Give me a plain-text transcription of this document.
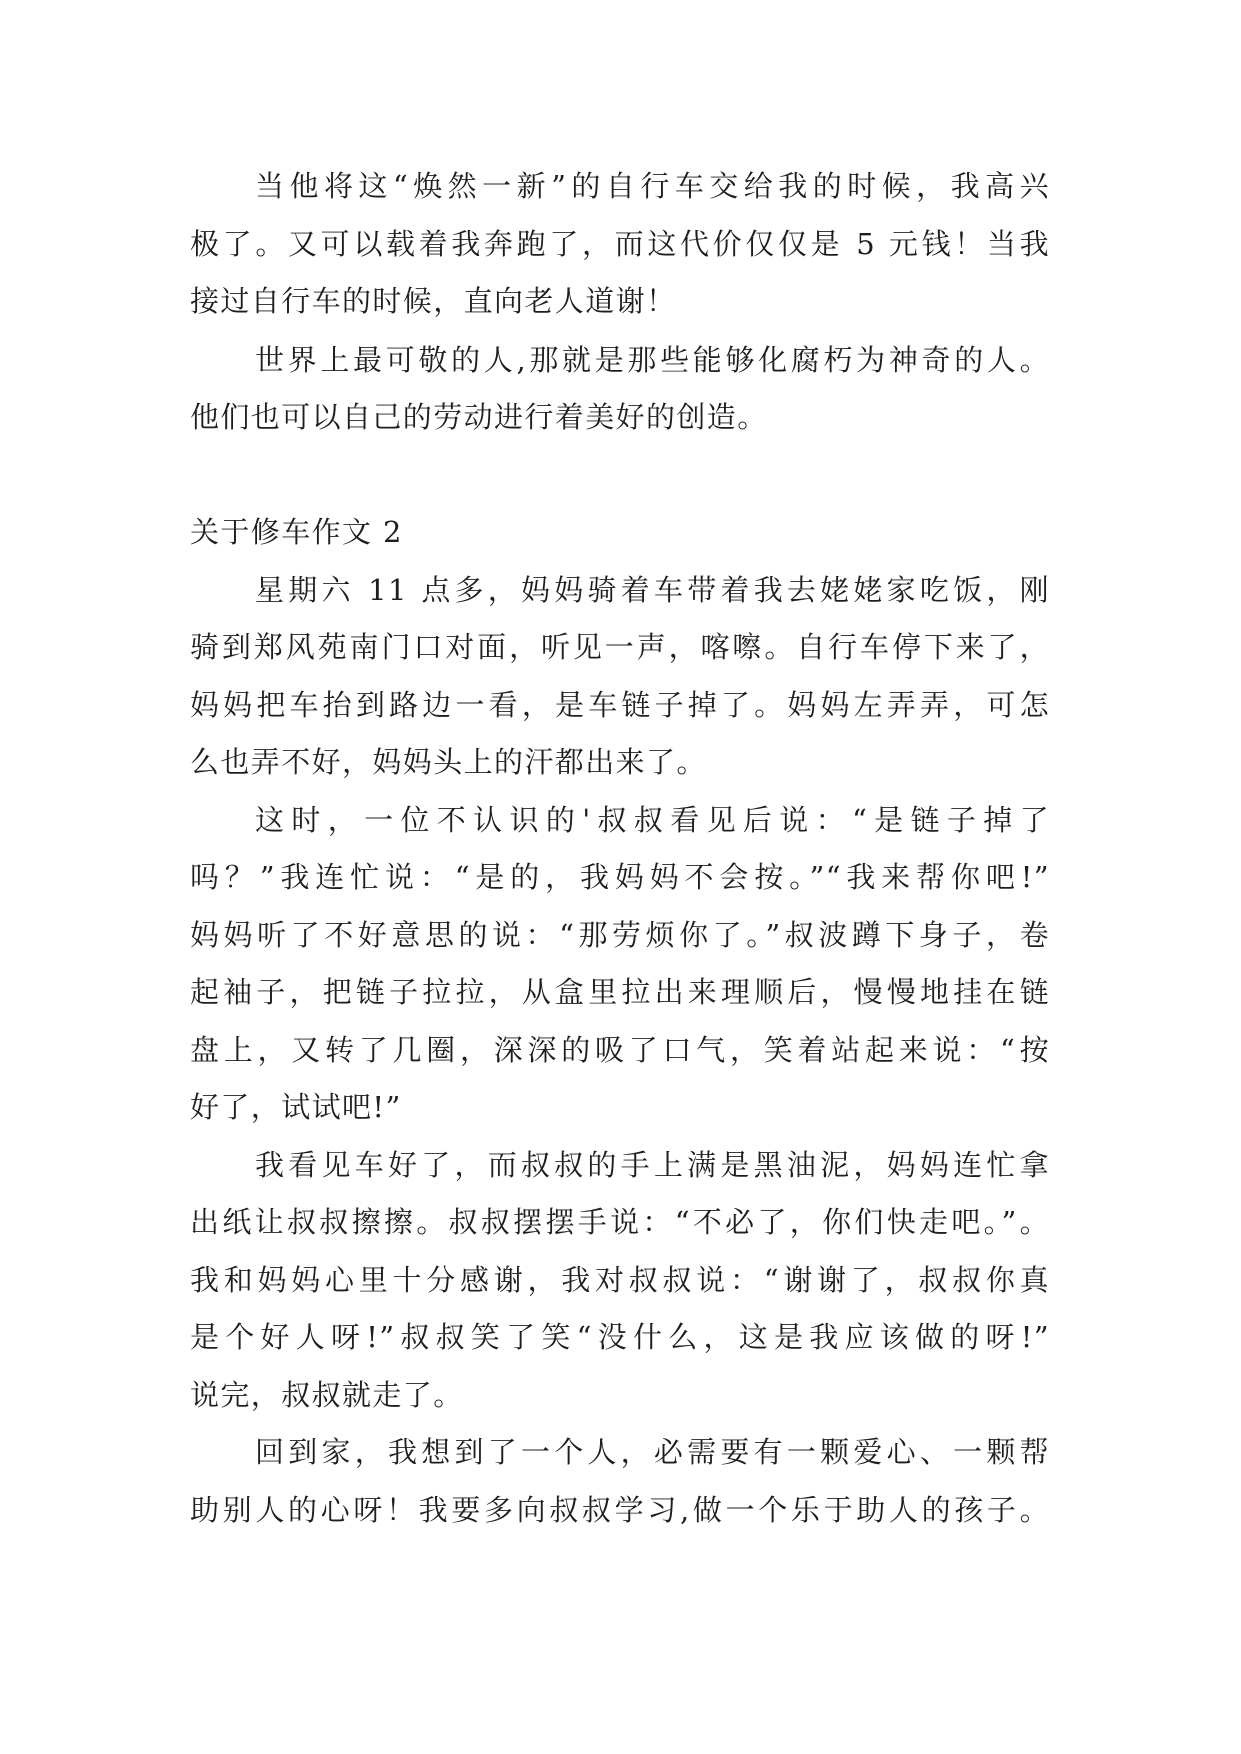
当他将这“焕然一新”的自行车交给我的时候，我高兴
极了。又可以载着我奔跑了，而这代价仅仅是 5 元钱！当我
接过自行车的时候，直向老人道谢！
世界上最可敬的人,那就是那些能够化腐朽为神奇的人。
他们也可以自己的劳动进行着美好的创造。
关于修车作文 2
星期六 11 点多，妈妈骑着车带着我去姥姥家吃饭，刚
骑到郑风苑南门口对面，听见一声，喀嚓。自行车停下来了，
妈妈把车抬到路边一看，是车链子掉了。妈妈左弄弄，可怎
么也弄不好，妈妈头上的汗都出来了。
这时，一位不认识的'叔叔看见后说：“是链子掉了
吗？”我连忙说：“是的，我妈妈不会按。”“我来帮你吧!”
妈妈听了不好意思的说：“那劳烦你了。”叔波蹲下身子，卷
起袖子，把链子拉拉，从盒里拉出来理顺后，慢慢地挂在链
盘上，又转了几圈，深深的吸了口气，笑着站起来说：“按
好了，试试吧!”
我看见车好了，而叔叔的手上满是黑油泥，妈妈连忙拿
出纸让叔叔擦擦。叔叔摆摆手说：“不必了，你们快走吧。”。
我和妈妈心里十分感谢，我对叔叔说：“谢谢了，叔叔你真
是个好人呀!”叔叔笑了笑“没什么，这是我应该做的呀!”
说完，叔叔就走了。
回到家，我想到了一个人，必需要有一颗爱心、一颗帮
助别人的心呀！我要多向叔叔学习,做一个乐于助人的孩子。
